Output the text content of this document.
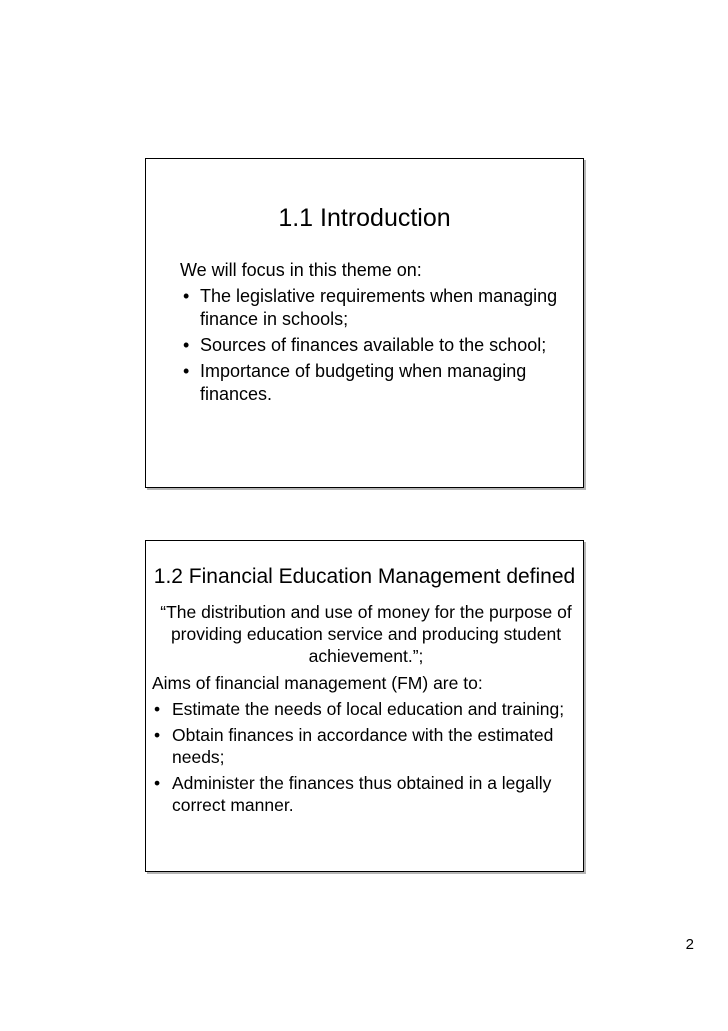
1.1 Introduction

We will focus in this theme on:

• The legislative requirements when managing finance in schools;
• Sources of finances available to the school;
• Importance of budgeting when managing finances.
1.2 Financial Education Management defined

“The distribution and use of money for the purpose of providing education service and producing student achievement.”;

Aims of financial management (FM) are to:

• Estimate the needs of local education and training;
• Obtain finances in accordance with the estimated needs;
• Administer the finances thus obtained in a legally correct manner.
2
